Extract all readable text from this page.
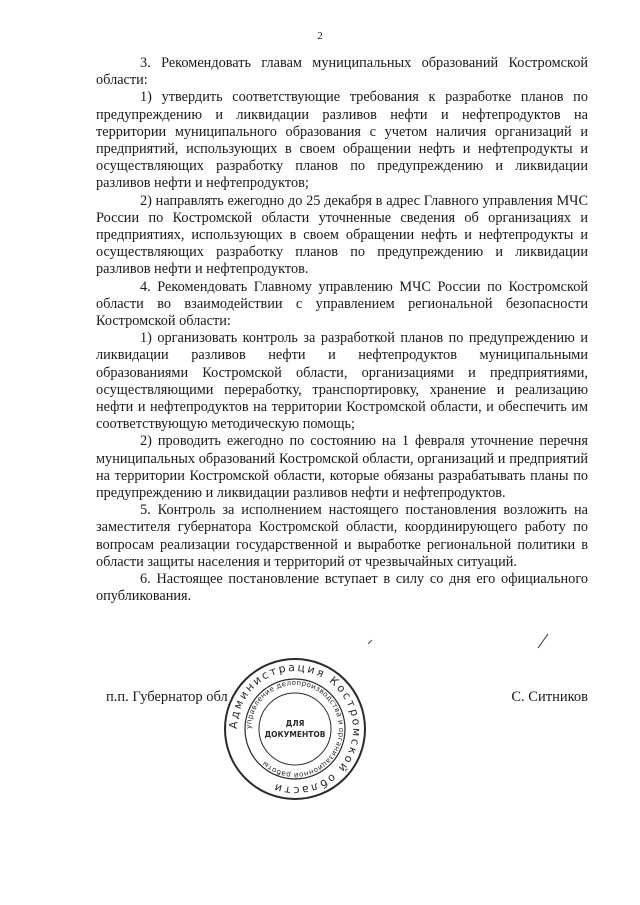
2

3. Рекомендовать главам муниципальных образований Костромской области:

1) утвердить соответствующие требования к разработке планов по предупреждению и ликвидации разливов нефти и нефтепродуктов на территории муниципального образования с учетом наличия организаций и предприятий, использующих в своем обращении нефть и нефтепродукты и осуществляющих разработку планов по предупреждению и ликвидации разливов нефти и нефтепродуктов;

2) направлять ежегодно до 25 декабря в адрес Главного управления МЧС России по Костромской области уточненные сведения об организациях и предприятиях, использующих в своем обращении нефть и нефтепродукты и осуществляющих разработку планов по предупреждению и ликвидации разливов нефти и нефтепродуктов.

4. Рекомендовать Главному управлению МЧС России по Костромской области во взаимодействии с управлением региональной безопасности Костромской области:

1) организовать контроль за разработкой планов по предупреждению и ликвидации разливов нефти и нефтепродуктов муниципальными образованиями Костромской области, организациями и предприятиями, осуществляющими переработку, транспортировку, хранение и реализацию нефти и нефтепродуктов на территории Костромской области, и обеспечить им соответствующую методическую помощь;

2) проводить ежегодно по состоянию на 1 февраля уточнение перечня муниципальных образований Костромской области, организаций и предприятий на территории Костромской области, которые обязаны разрабатывать планы по предупреждению и ликвидации разливов нефти и нефтепродуктов.

5. Контроль за исполнением настоящего постановления возложить на заместителя губернатора Костромской области, координирующего работу по вопросам реализации государственной и выработке региональной политики в области защиты населения и территорий от чрезвычайных ситуаций.

6. Настоящее постановление вступает в силу со дня его официального опубликования.

п.п. Губернатор обл	С. Ситников
Администрация Костромской области
управление делопроизводства и организационной работы
ДЛЯ
ДОКУМЕНТОВ
